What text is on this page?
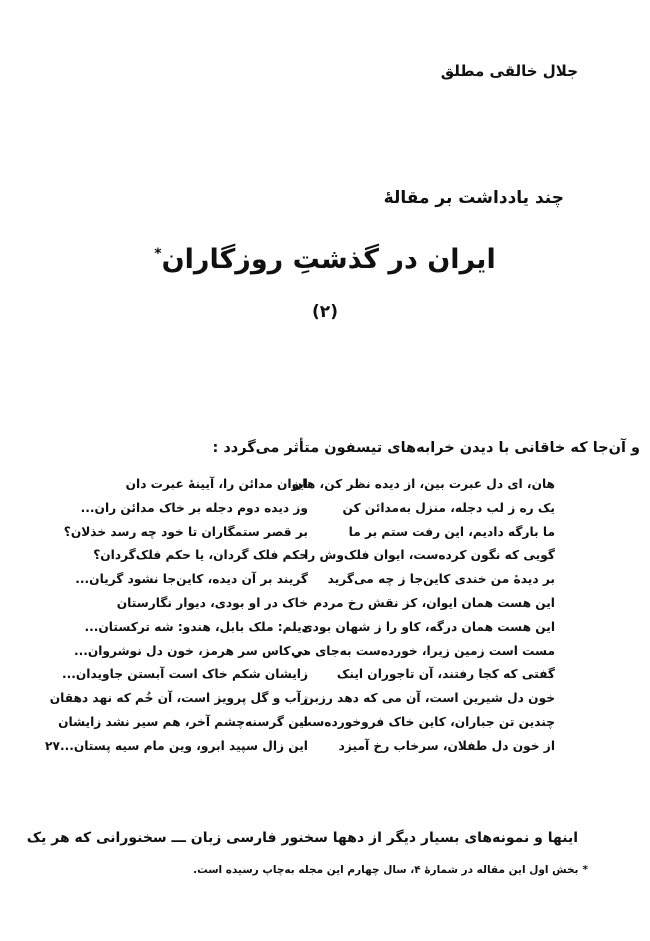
جلال خالقی مطلق
چند یادداشت بر مقالهٔ
ایران در گذشتِ روزگاران*
(۲)
و آن‌جا که خاقانی با دیدن خرابه‌های تیسفون متأثر می‌گردد :
هان، ای دل عبرت بین، از دیده نظر کن، هان
یک ره ز لب دجله، منزل به‌مدائن کن
ما بارگه دادیم، این رفت ستم بر ما
گویی که نگون کرده‌ست، ایوان فلک‌وش را
بر دیدهٔ من خندی کاین‌جا ز چه می‌گرید
این هست همان ایوان، کز نقش رخ مردم
این هست همان درگه، کاو را ز شهان بودی
مست است زمین زیرا، خورده‌ست به‌جای می
گفتی که کجا رفتند، آن تاجوران اینک
خون دل شیرین است، آن می که دهد رزبن
چندین تن جباران، کاین خاک فروخورده‌ست
از خون دل طفلان، سرخاب رخ آمیزد
ایوان مدائن را، آیینهٔ عبرت دان
وز دیده دوم دجله بر خاک مدائن ران...
بر قصر ستمگاران تا خود چه رسد خذلان؟
حکم فلک گردان، یا حکم فلک‌گردان؟
گریند بر آن دیده، کاین‌جا نشود گریان...
خاک در او بودی، دیوار نگارستان
دیلم: ملک بابل، هندو: شه ترکستان...
در کاس سر هرمز، خون دل نوشروان...
زایشان شکم خاک است آبستن جاویدان...
زآب و گل پرویز است، آن خُم که نهد دهقان
این گرسنه‌چشم آخر، هم سیر نشد زایشان
این زال سپید ابرو، وین مام سیه پستان...۲۷
اینها و نمونه‌های بسیار دیگر از دهها سخنور فارسی زبان ـــ سخنورانی که هر یک
*بخش اول این مقاله در شمارهٔ ۴، سال چهارم این مجله به‌چاپ رسیده است.
